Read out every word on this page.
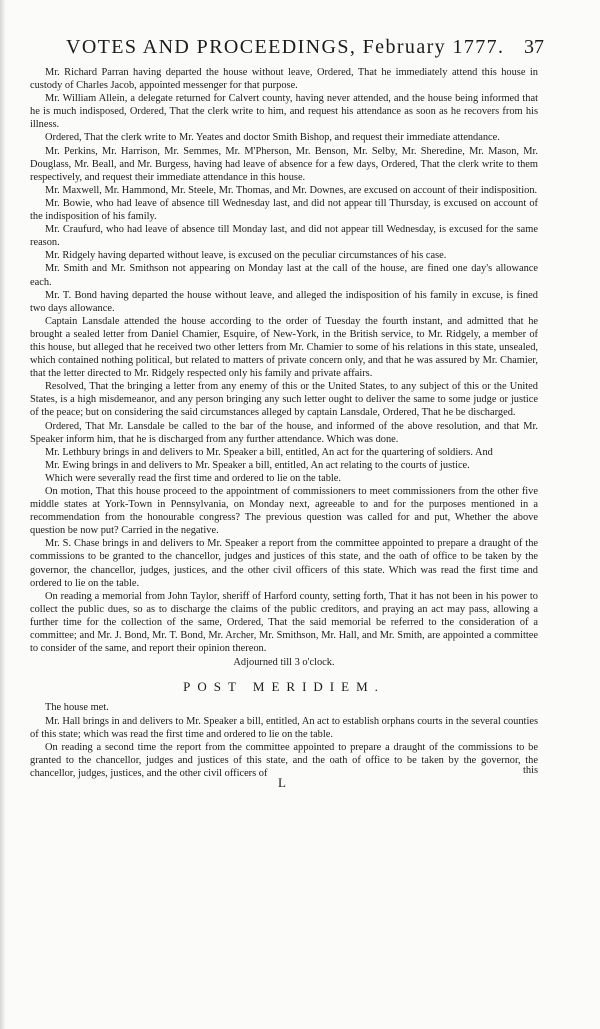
VOTES AND PROCEEDINGS, February 1777. 37

Mr. Richard Parran having departed the house without leave, Ordered, That he immediately attend this house in custody of Charles Jacob, appointed messenger for that purpose.

Mr. William Allein, a delegate returned for Calvert county, having never attended, and the house being informed that he is much indisposed, Ordered, That the clerk write to him, and request his attendance as soon as he recovers from his illness.

Ordered, That the clerk write to Mr. Yeates and doctor Smith Bishop, and request their immediate attendance.

Mr. Perkins, Mr. Harrison, Mr. Semmes, Mr. M'Pherson, Mr. Benson, Mr. Selby, Mr. Sheredine, Mr. Mason, Mr. Douglass, Mr. Beall, and Mr. Burgess, having had leave of absence for a few days, Ordered, That the clerk write to them respectively, and request their immediate attendance in this house.

Mr. Maxwell, Mr. Hammond, Mr. Steele, Mr. Thomas, and Mr. Downes, are excused on account of their indisposition.

Mr. Bowie, who had leave of absence till Wednesday last, and did not appear till Thursday, is excused on account of the indisposition of his family.

Mr. Craufurd, who had leave of absence till Monday last, and did not appear till Wednesday, is excused for the same reason.

Mr. Ridgely having departed without leave, is excused on the peculiar circumstances of his case.

Mr. Smith and Mr. Smithson not appearing on Monday last at the call of the house, are fined one day's allowance each.

Mr. T. Bond having departed the house without leave, and alleged the indisposition of his family in excuse, is fined two days allowance.

Captain Lansdale attended the house according to the order of Tuesday the fourth instant, and admitted that he brought a sealed letter from Daniel Chamier, Esquire, of New-York, in the British service, to Mr. Ridgely, a member of this house, but alleged that he received two other letters from Mr. Chamier to some of his relations in this state, unsealed, which contained nothing political, but related to matters of private concern only, and that he was assured by Mr. Chamier, that the letter directed to Mr. Ridgely respected only his family and private affairs.

Resolved, That the bringing a letter from any enemy of this or the United States, to any subject of this or the United States, is a high misdemeanor, and any person bringing any such letter ought to deliver the same to some judge or justice of the peace; but on considering the said circumstances alleged by captain Lansdale, Ordered, That he be discharged.

Ordered, That Mr. Lansdale be called to the bar of the house, and informed of the above resolution, and that Mr. Speaker inform him, that he is discharged from any further attendance. Which was done.

Mr. Lethbury brings in and delivers to Mr. Speaker a bill, entitled, An act for the quartering of soldiers. And

Mr. Ewing brings in and delivers to Mr. Speaker a bill, entitled, An act relating to the courts of justice.

Which were severally read the first time and ordered to lie on the table.

On motion, That this house proceed to the appointment of commissioners to meet commissioners from the other five middle states at York-Town in Pennsylvania, on Monday next, agreeable to and for the purposes mentioned in a recommendation from the honourable congress? The previous question was called for and put, Whether the above question be now put? Carried in the negative.

Mr. S. Chase brings in and delivers to Mr. Speaker a report from the committee appointed to prepare a draught of the commissions to be granted to the chancellor, judges and justices of this state, and the oath of office to be taken by the governor, the chancellor, judges, justices, and the other civil officers of this state. Which was read the first time and ordered to lie on the table.

On reading a memorial from John Taylor, sheriff of Harford county, setting forth, That it has not been in his power to collect the public dues, so as to discharge the claims of the public creditors, and praying an act may pass, allowing a further time for the collection of the same, Ordered, That the said memorial be referred to the consideration of a committee; and Mr. J. Bond, Mr. T. Bond, Mr. Archer, Mr. Smithson, Mr. Hall, and Mr. Smith, are appointed a committee to consider of the same, and report their opinion thereon.

Adjourned till 3 o'clock.

POST MERIDIEM.

The house met.

Mr. Hall brings in and delivers to Mr. Speaker a bill, entitled, An act to establish orphans courts in the several counties of this state; which was read the first time and ordered to lie on the table.

On reading a second time the report from the committee appointed to prepare a draught of the commissions to be granted to the chancellor, judges and justices of this state, and the oath of office to be taken by the governor, the chancellor, judges, justices, and the other civil officers of

L
this
